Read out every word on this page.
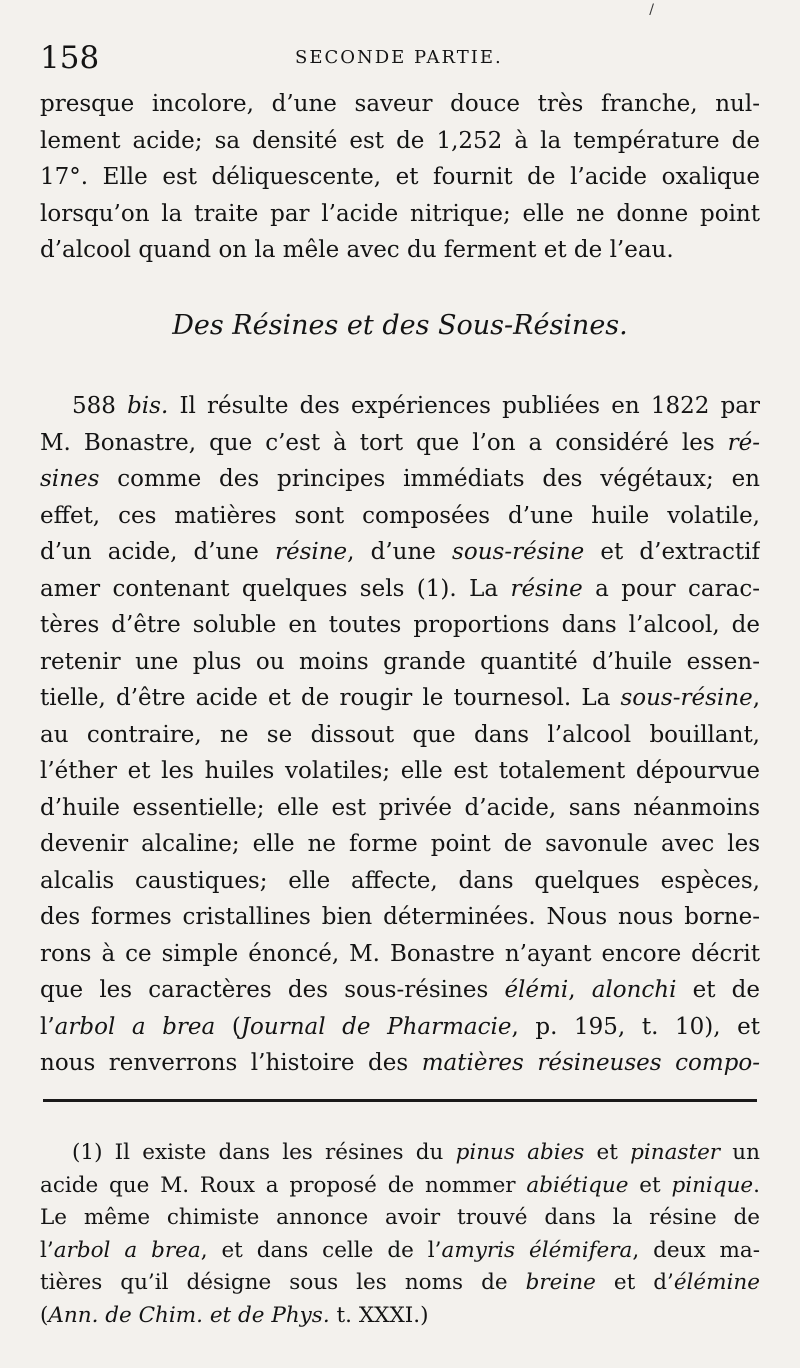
/
158	SECONDE PARTIE.
presque incolore, d’une saveur douce très franche, nul-
lement acide; sa densité est de 1,252 à la température de
17°. Elle est déliquescente, et fournit de l’acide oxalique
lorsqu’on la traite par l’acide nitrique; elle ne donne point
d’alcool quand on la mêle avec du ferment et de l’eau.
Des Résines et des Sous-Résines.
588 bis. Il résulte des expériences publiées en 1822 par
M. Bonastre, que c’est à tort que l’on a considéré les ré-
sines comme des principes immédiats des végétaux; en
effet, ces matières sont composées d’une huile volatile,
d’un acide, d’une résine, d’une sous-résine et d’extractif
amer contenant quelques sels (1). La résine a pour carac-
tères d’être soluble en toutes proportions dans l’alcool, de
retenir une plus ou moins grande quantité d’huile essen-
tielle, d’être acide et de rougir le tournesol. La sous-résine,
au contraire, ne se dissout que dans l’alcool bouillant,
l’éther et les huiles volatiles; elle est totalement dépourvue
d’huile essentielle; elle est privée d’acide, sans néanmoins
devenir alcaline; elle ne forme point de savonule avec les
alcalis caustiques; elle affecte, dans quelques espèces,
des formes cristallines bien déterminées. Nous nous borne-
rons à ce simple énoncé, M. Bonastre n’ayant encore décrit
que les caractères des sous-résines élémi, alonchi et de
l’arbol a brea (Journal de Pharmacie, p. 195, t. 10), et
nous renverrons l’histoire des matières résineuses compo-
(1) Il existe dans les résines du pinus abies et pinaster un
acide que M. Roux a proposé de nommer abiétique et pinique.
Le même chimiste annonce avoir trouvé dans la résine de
l’arbol a brea, et dans celle de l’amyris élémifera, deux ma-
tières qu’il désigne sous les noms de breine et d’élémine
(Ann. de Chim. et de Phys. t. XXXI.)
